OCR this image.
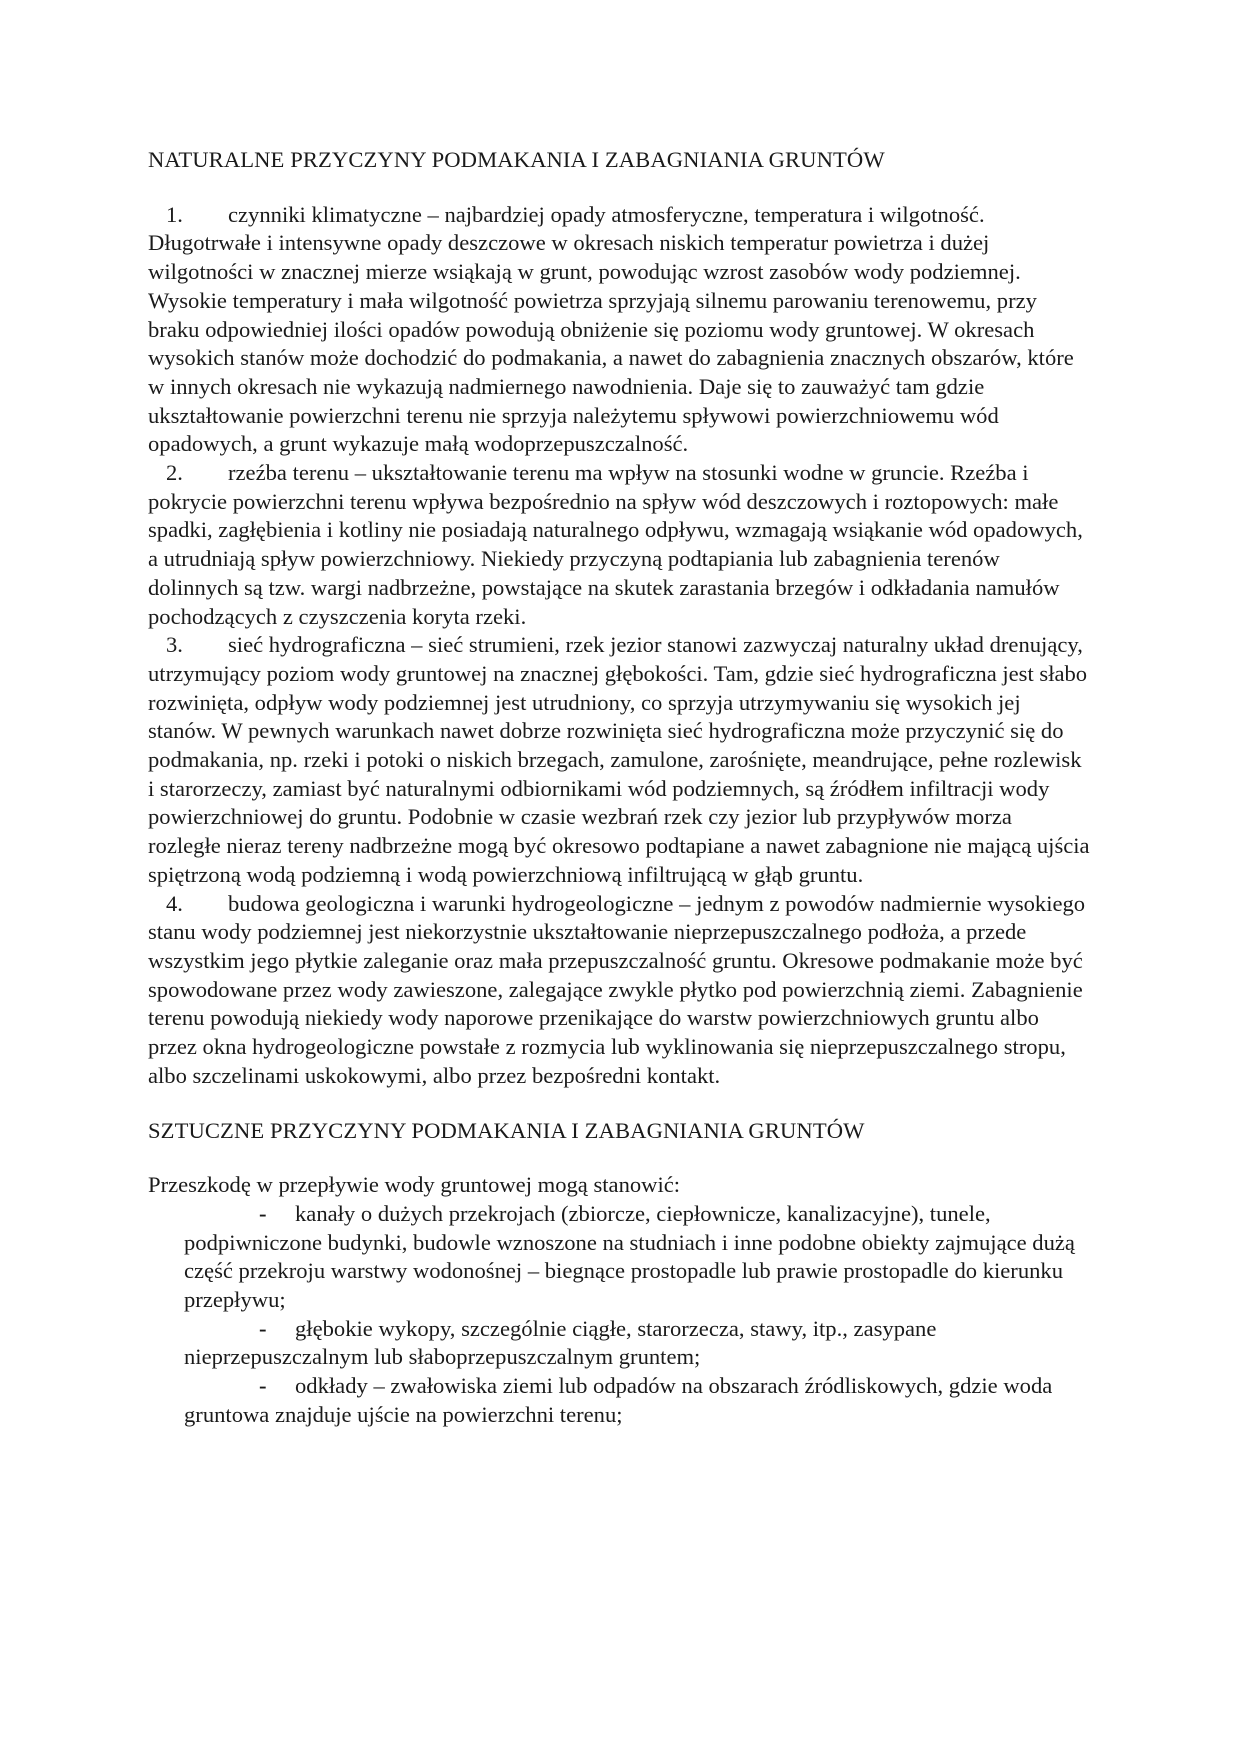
NATURALNE PRZYCZYNY PODMAKANIA I ZABAGNIANIA GRUNTÓW

1. czynniki klimatyczne – najbardziej opady atmosferyczne, temperatura i wilgotność. Długotrwałe i intensywne opady deszczowe w okresach niskich temperatur powietrza i dużej wilgotności w znacznej mierze wsiąkają w grunt, powodując wzrost zasobów wody podziemnej. Wysokie temperatury i mała wilgotność powietrza sprzyjają silnemu parowaniu terenowemu, przy braku odpowiedniej ilości opadów powodują obniżenie się poziomu wody gruntowej. W okresach wysokich stanów może dochodzić do podmakania, a nawet do zabagnienia znacznych obszarów, które w innych okresach nie wykazują nadmiernego nawodnienia. Daje się to zauważyć tam gdzie ukształtowanie powierzchni terenu nie sprzyja należytemu spływowi powierzchniowemu wód opadowych, a grunt wykazuje małą wodoprzepuszczalność.

2. rzeźba terenu – ukształtowanie terenu ma wpływ na stosunki wodne w gruncie. Rzeźba i pokrycie powierzchni terenu wpływa bezpośrednio na spływ wód deszczowych i roztopowych: małe spadki, zagłębienia i kotliny nie posiadają naturalnego odpływu, wzmagają wsiąkanie wód opadowych, a utrudniają spływ powierzchniowy. Niekiedy przyczyną podtapiania lub zabagnienia terenów dolinnych są tzw. wargi nadbrzeżne, powstające na skutek zarastania brzegów i odkładania namułów pochodzących z czyszczenia koryta rzeki.

3. sieć hydrograficzna – sieć strumieni, rzek jezior stanowi zazwyczaj naturalny układ drenujący, utrzymujący poziom wody gruntowej na znacznej głębokości. Tam, gdzie sieć hydrograficzna jest słabo rozwinięta, odpływ wody podziemnej jest utrudniony, co sprzyja utrzymywaniu się wysokich jej stanów. W pewnych warunkach nawet dobrze rozwinięta sieć hydrograficzna może przyczynić się do podmakania, np. rzeki i potoki o niskich brzegach, zamulone, zarośnięte, meandrujące, pełne rozlewisk i starorzeczy, zamiast być naturalnymi odbiornikami wód podziemnych, są źródłem infiltracji wody powierzchniowej do gruntu. Podobnie w czasie wezbrań rzek czy jezior lub przypływów morza rozległe nieraz tereny nadbrzeżne mogą być okresowo podtapiane a nawet zabagnione nie mającą ujścia spiętrzoną wodą podziemną i wodą powierzchniową infiltrującą w głąb gruntu.

4. budowa geologiczna i warunki hydrogeologiczne – jednym z powodów nadmiernie wysokiego stanu wody podziemnej jest niekorzystnie ukształtowanie nieprzepuszczalnego podłoża, a przede wszystkim jego płytkie zaleganie oraz mała przepuszczalność gruntu. Okresowe podmakanie może być spowodowane przez wody zawieszone, zalegające zwykle płytko pod powierzchnią ziemi. Zabagnienie terenu powodują niekiedy wody naporowe przenikające do warstw powierzchniowych gruntu albo przez okna hydrogeologiczne powstałe z rozmycia lub wyklinowania się nieprzepuszczalnego stropu, albo szczelinami uskokowymi, albo przez bezpośredni kontakt.

SZTUCZNE PRZYCZYNY PODMAKANIA I ZABAGNIANIA GRUNTÓW

Przeszkodę w przepływie wody gruntowej mogą stanowić:

- kanały o dużych przekrojach (zbiorcze, ciepłownicze, kanalizacyjne), tunele, podpiwniczone budynki, budowle wznoszone na studniach i inne podobne obiekty zajmujące dużą część przekroju warstwy wodonośnej – biegnące prostopadle lub prawie prostopadle do kierunku przepływu;

- głębokie wykopy, szczególnie ciągłe, starorzecza, stawy, itp., zasypane nieprzepuszczalnym lub słaboprzepuszczalnym gruntem;

- odkłady – zwałowiska ziemi lub odpadów na obszarach źródliskowych, gdzie woda gruntowa znajduje ujście na powierzchni terenu;
